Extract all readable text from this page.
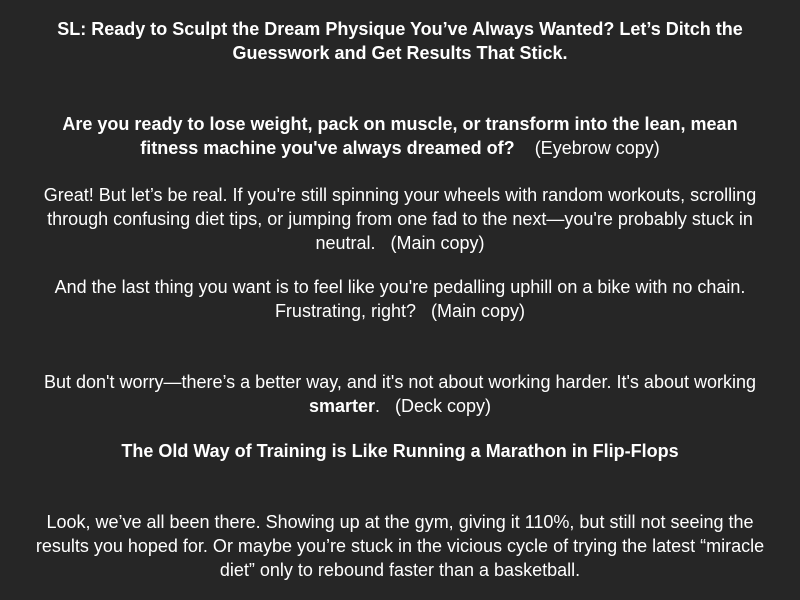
SL: Ready to Sculpt the Dream Physique You’ve Always Wanted? Let’s Ditch the Guesswork and Get Results That Stick.
Are you ready to lose weight, pack on muscle, or transform into the lean, mean fitness machine you've always dreamed of? (Eyebrow copy)
Great! But let’s be real. If you're still spinning your wheels with random workouts, scrolling through confusing diet tips, or jumping from one fad to the next—you're probably stuck in neutral. (Main copy)
And the last thing you want is to feel like you're pedalling uphill on a bike with no chain. Frustrating, right? (Main copy)
But don't worry—there’s a better way, and it's not about working harder. It's about working smarter. (Deck copy)
The Old Way of Training is Like Running a Marathon in Flip-Flops
Look, we’ve all been there. Showing up at the gym, giving it 110%, but still not seeing the results you hoped for. Or maybe you’re stuck in the vicious cycle of trying the latest “miracle diet” only to rebound faster than a basketball.
